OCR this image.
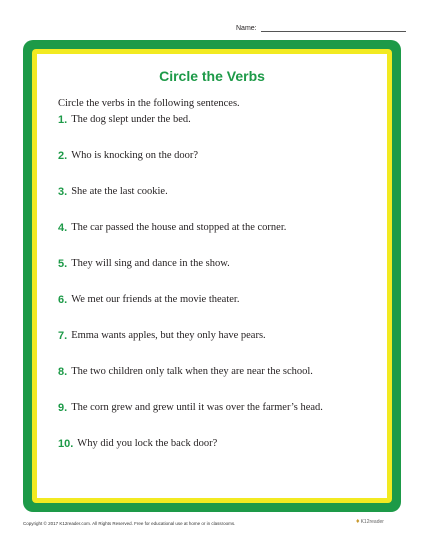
Name:
Circle the Verbs
Circle the verbs in the following sentences.
1. The dog slept under the bed.
2. Who is knocking on the door?
3. She ate the last cookie.
4. The car passed the house and stopped at the corner.
5. They will sing and dance in the show.
6. We met our friends at the movie theater.
7. Emma wants apples, but they only have pears.
8. The two children only talk when they are near the school.
9. The corn grew and grew until it was over the farmer’s head.
10. Why did you lock the back door?
Copyright © 2017 K12reader.com. All Rights Reserved. Free for educational use at home or in classrooms.	♦ K12reader
